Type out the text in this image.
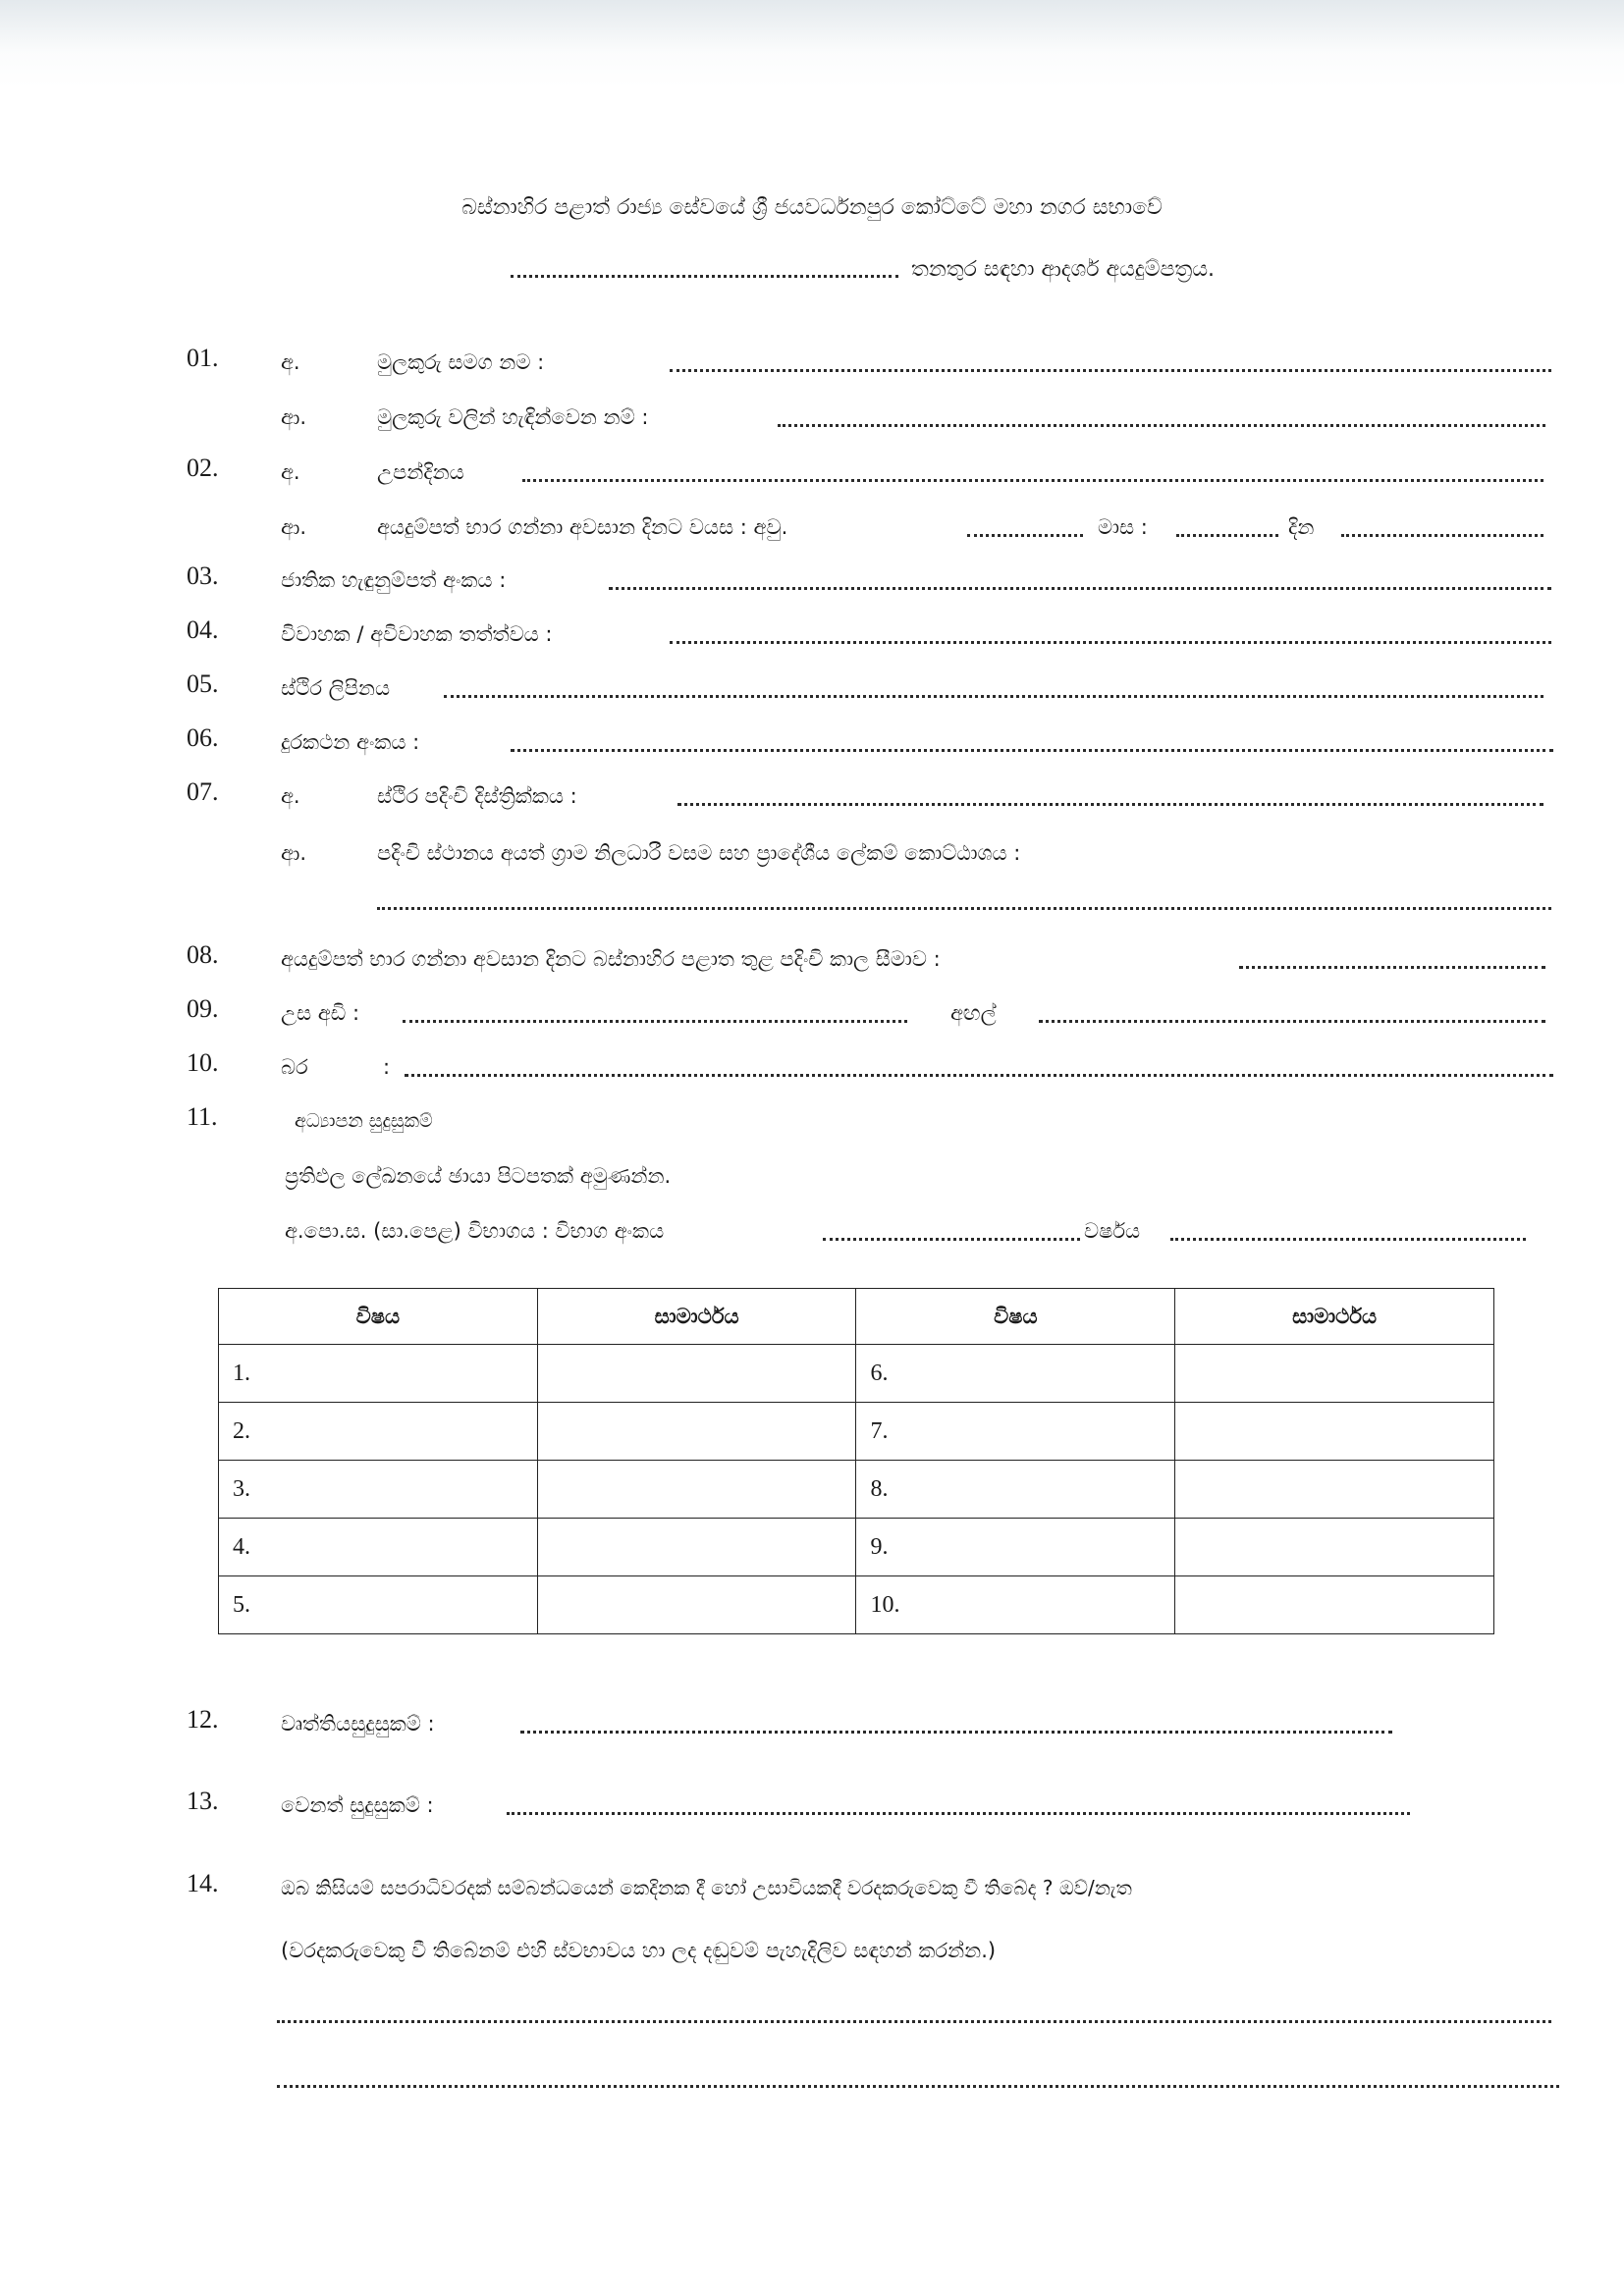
බස්නාහිර පළාත් රාජ්‍ය සේවයේ ශ්‍රී ජයවර්ධනපුර කෝට්ටේ මහා නගර සභාවේ
තනතුර සඳහා ආදර්ශ අයදුම්පත්‍රය.
01.	අ.	මුලකුරු සමග නම :
ආ.	මුලකුරු වලින් හැඳින්වෙන නම් :
02.	අ.	උපන්දිනය
ආ.	අයදුම්පත් භාර ගන්නා අවසාන දිනට වයස : අවු.	මාස :	දින
03.	ජාතික හැඳුනුම්පත් අංකය :
04.	විවාහක / අවිවාහක තත්ත්වය :
05.	ස්ථිර ලිපිනය
06.	දුරකථන අංකය :
07.	අ.	ස්ථිර පදිංචි දිස්ත්‍රික්කය :
ආ.	පදිංචි ස්ථානය අයත් ග්‍රාම නිලධාරී වසම සහ ප්‍රාදේශීය ලේකම් කොට්ඨාශය :
08.	අයදුම්පත් භාර ගන්නා අවසාන දිනට බස්නාහිර පළාත තුළ පදිංචි කාල සීමාව :
09.	උස අඩි :	අඟල්
10.	බර	:
11.	අධ්‍යාපන සුදුසුකම්
ප්‍රතිඵල ලේඛනයේ ඡායා පිටපතක් අමුණන්න.
අ.පො.ස. (සා.පෙළ) විභාගය : විභාග අංකය	වර්ෂය
විෂය	සාමාර්ථය	විෂය	සාමාර්ථය
1.		6.	
2.		7.	
3.		8.	
4.		9.	
5.		10.	
12.	වෘත්තියසුදුසුකම් :
13.	වෙනත් සුදුසුකම් :
14.	ඔබ කිසියම් සපරාධිවරදක් සම්බන්ධයෙන් කෙදිනක දී හෝ උසාවියකදී වරදකරුවෙකු වී තිබේද ? ඔව්/නැත
(වරදකරුවෙකු වී තිබේනම් එහි ස්වභාවය හා ලද දඬුවම් පැහැදිලිව සඳහන් කරන්න.)
